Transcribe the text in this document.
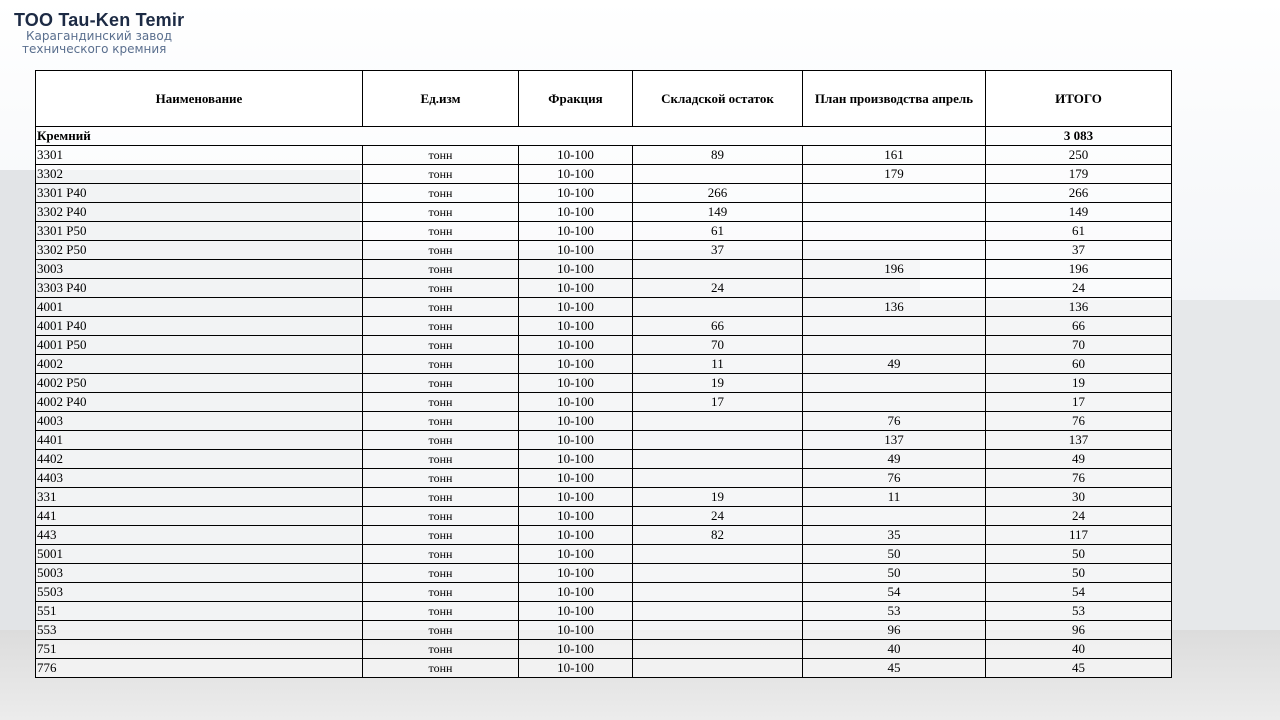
ТОО Tau-Ken Temir
Карагандинский завод
технического кремния
Наименование	Ед.изм	Фракция	Складской остаток	План производства апрель	ИТОГО
Кремний					3 083
3301	тонн	10-100	89	161	250
3302	тонн	10-100		179	179
3301 P40	тонн	10-100	266		266
3302 P40	тонн	10-100	149		149
3301 P50	тонн	10-100	61		61
3302 P50	тонн	10-100	37		37
3003	тонн	10-100		196	196
3303 P40	тонн	10-100	24		24
4001	тонн	10-100		136	136
4001 P40	тонн	10-100	66		66
4001 P50	тонн	10-100	70		70
4002	тонн	10-100	11	49	60
4002 P50	тонн	10-100	19		19
4002 P40	тонн	10-100	17		17
4003	тонн	10-100		76	76
4401	тонн	10-100		137	137
4402	тонн	10-100		49	49
4403	тонн	10-100		76	76
331	тонн	10-100	19	11	30
441	тонн	10-100	24		24
443	тонн	10-100	82	35	117
5001	тонн	10-100		50	50
5003	тонн	10-100		50	50
5503	тонн	10-100		54	54
551	тонн	10-100		53	53
553	тонн	10-100		96	96
751	тонн	10-100		40	40
776	тонн	10-100		45	45
